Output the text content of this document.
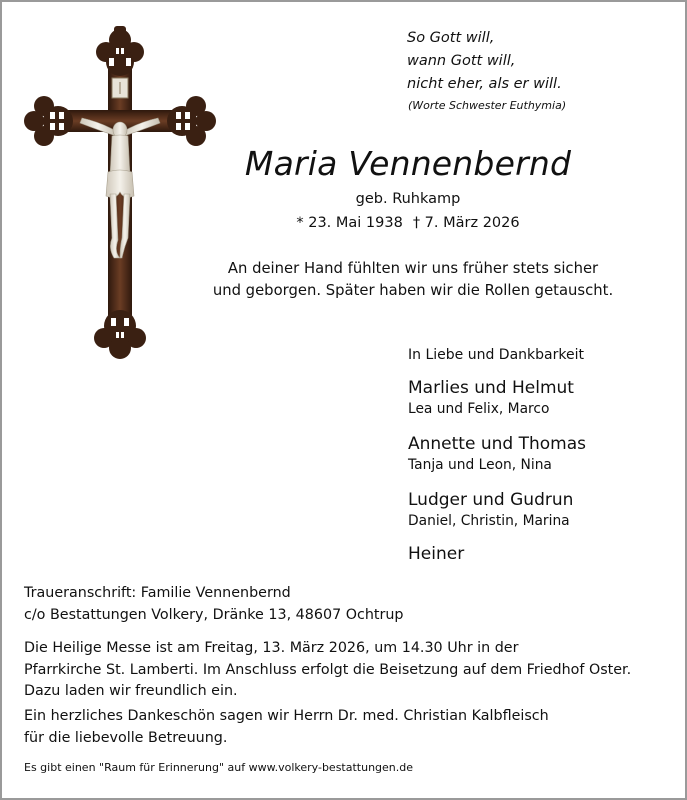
So Gott will,
wann Gott will,
nicht eher, als er will.
(Worte Schwester Euthymia)
Maria Vennenbernd
geb. Ruhkamp
* 23. Mai 1938 † 7. März 2026
An deiner Hand fühlten wir uns früher stets sicher
und geborgen. Später haben wir die Rollen getauscht.
In Liebe und Dankbarkeit
Marlies und Helmut
Lea und Felix, Marco
Annette und Thomas
Tanja und Leon, Nina
Ludger und Gudrun
Daniel, Christin, Marina
Heiner
Traueranschrift: Familie Vennenbernd
c/o Bestattungen Volkery, Dränke 13, 48607 Ochtrup
Die Heilige Messe ist am Freitag, 13. März 2026, um 14.30 Uhr in der
Pfarrkirche St. Lamberti. Im Anschluss erfolgt die Beisetzung auf dem Friedhof Oster.
Dazu laden wir freundlich ein.
Ein herzliches Dankeschön sagen wir Herrn Dr. med. Christian Kalbfleisch
für die liebevolle Betreuung.
Es gibt einen "Raum für Erinnerung" auf www.volkery-bestattungen.de
